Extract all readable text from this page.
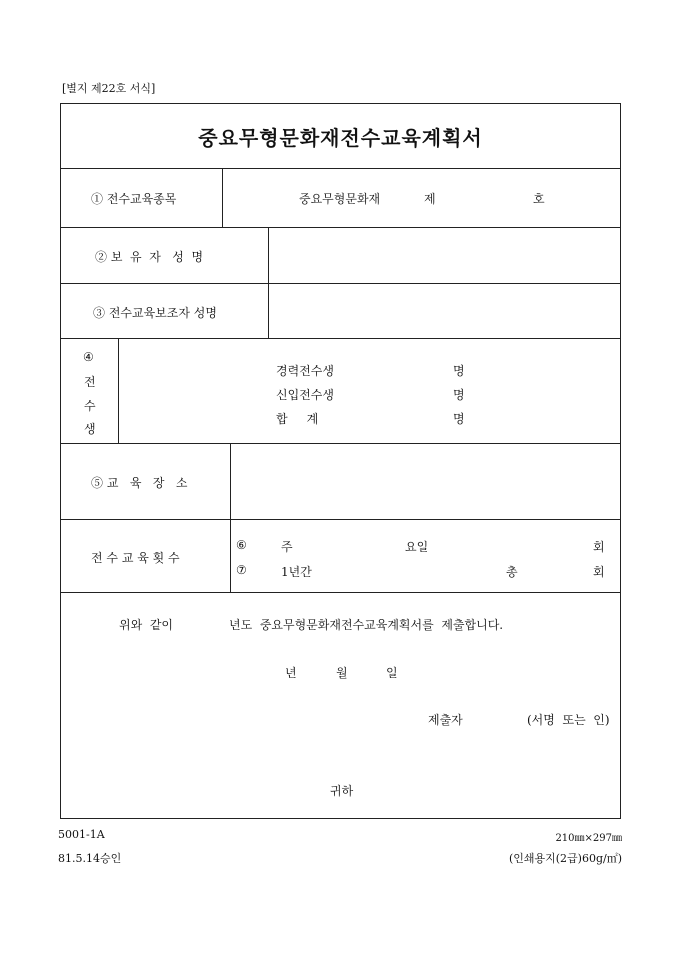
[별지 제22호 서식]
중요무형문화재전수교육계획서
① 전수교육종목	중요무형문화재	제	호
② 보  유  자   성  명
③ 전수교육보조자 성명
④
전
수
생
경력전수생	명
신입전수생	명
합     계	명
⑤ 교   육   장   소
전 수 교 육 횟 수
⑥	주	요일	회
⑦	1년간	총	회
위와  같이	년도  중요무형문화재전수교육계획서를  제출합니다.
년	월	일
제출자	(서명  또는  인)
귀하
5001-1A
81.5.14승인
210㎜×297㎜
(인쇄용지(2급)60g/㎡)
